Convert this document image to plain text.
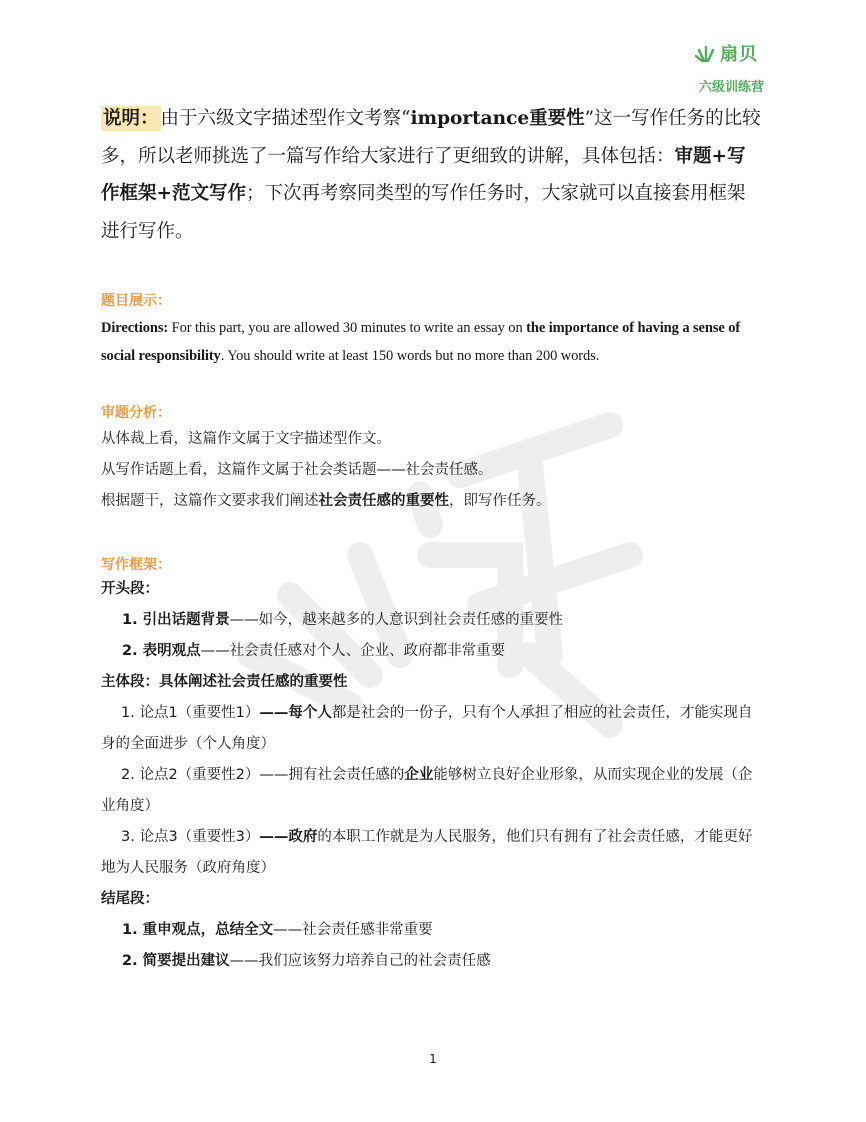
扇贝
六级训练营

说明： 由于六级文字描述型作文考察“importance重要性”这一写作任务的比较多，所以老师挑选了一篇写作给大家进行了更细致的讲解，具体包括：审题+写作框架+范文写作；下次再考察同类型的写作任务时，大家就可以直接套用框架进行写作。

题目展示：

Directions: For this part, you are allowed 30 minutes to write an essay on the importance of having a sense of social responsibility. You should write at least 150 words but no more than 200 words.

审题分析：

从体裁上看，这篇作文属于文字描述型作文。

从写作话题上看，这篇作文属于社会类话题——社会责任感。

根据题干，这篇作文要求我们阐述社会责任感的重要性，即写作任务。

写作框架：

开头段：

1. 引出话题背景——如今，越来越多的人意识到社会责任感的重要性

2. 表明观点——社会责任感对个人、企业、政府都非常重要

主体段：具体阐述社会责任感的重要性

1. 论点1（重要性1）——每个人都是社会的一份子，只有个人承担了相应的社会责任，才能实现自身的全面进步（个人角度）

2. 论点2（重要性2）——拥有社会责任感的企业能够树立良好企业形象，从而实现企业的发展（企业角度）

3. 论点3（重要性3）——政府的本职工作就是为人民服务，他们只有拥有了社会责任感，才能更好地为人民服务（政府角度）

结尾段：

1. 重申观点，总结全文——社会责任感非常重要

2. 简要提出建议——我们应该努力培养自己的社会责任感

1
